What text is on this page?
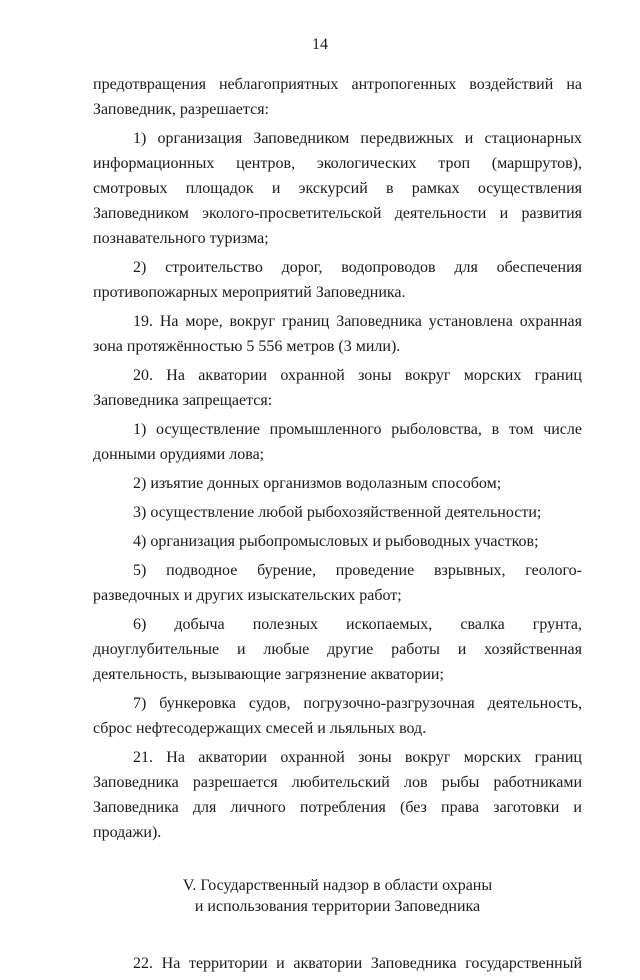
14

предотвращения неблагоприятных антропогенных воздействий на Заповедник, разрешается:

1) организация Заповедником передвижных и стационарных информационных центров, экологических троп (маршрутов), смотровых площадок и экскурсий в рамках осуществления Заповедником эколого-просветительской деятельности и развития познавательного туризма;

2) строительство дорог, водопроводов для обеспечения противопожарных мероприятий Заповедника.

19. На море, вокруг границ Заповедника установлена охранная зона протяжённостью 5 556 метров (3 мили).

20. На акватории охранной зоны вокруг морских границ Заповедника запрещается:

1) осуществление промышленного рыболовства, в том числе донными орудиями лова;

2) изъятие донных организмов водолазным способом;

3) осуществление любой рыбохозяйственной деятельности;

4) организация рыбопромысловых и рыбоводных участков;

5) подводное бурение, проведение взрывных, геолого-разведочных и других изыскательских работ;

6) добыча полезных ископаемых, свалка грунта, дноуглубительные и любые другие работы и хозяйственная деятельность, вызывающие загрязнение акватории;

7) бункеровка судов, погрузочно-разгрузочная деятельность, сброс нефтесодержащих смесей и льяльных вод.

21. На акватории охранной зоны вокруг морских границ Заповедника разрешается любительский лов рыбы работниками Заповедника для личного потребления (без права заготовки и продажи).

V. Государственный надзор в области охраны
и использования территории Заповедника

22. На территории и акватории Заповедника государственный
